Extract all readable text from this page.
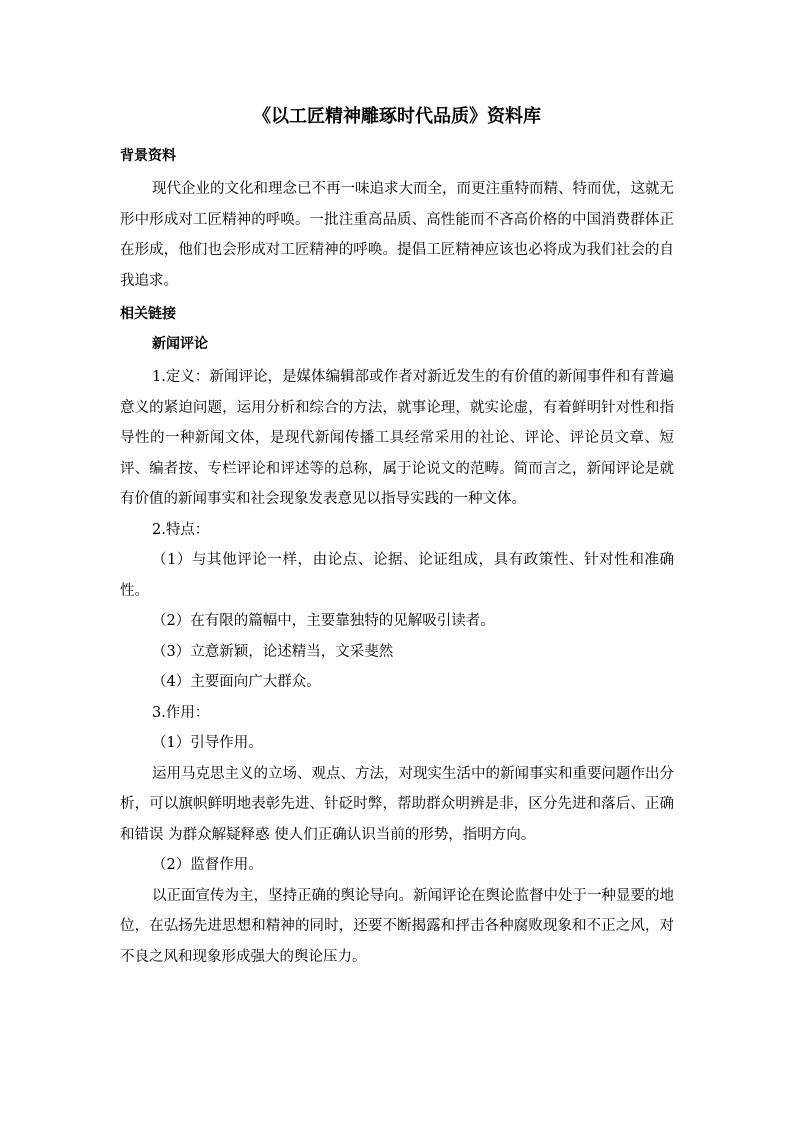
《以工匠精神雕琢时代品质》资料库
背景资料

现代企业的文化和理念已不再一味追求大而全，而更注重特而精、特而优，这就无形中形成对工匠精神的呼唤。一批注重高品质、高性能而不吝高价格的中国消费群体正在形成，他们也会形成对工匠精神的呼唤。提倡工匠精神应该也必将成为我们社会的自我追求。

相关链接
新闻评论

1.定义：新闻评论，是媒体编辑部或作者对新近发生的有价值的新闻事件和有普遍意义的紧迫问题，运用分析和综合的方法，就事论理，就实论虚，有着鲜明针对性和指导性的一种新闻文体，是现代新闻传播工具经常采用的社论、评论、评论员文章、短评、编者按、专栏评论和评述等的总称，属于论说文的范畴。简而言之，新闻评论是就有价值的新闻事实和社会现象发表意见以指导实践的一种文体。

2.特点：

（1）与其他评论一样，由论点、论据、论证组成，具有政策性、针对性和准确性。

（2）在有限的篇幅中，主要靠独特的见解吸引读者。

（3）立意新颖，论述精当，文采斐然

（4）主要面向广大群众。

3.作用：

（1）引导作用。

运用马克思主义的立场、观点、方法，对现实生活中的新闻事实和重要问题作出分析，可以旗帜鲜明地表彰先进、针砭时弊，帮助群众明辨是非，区分先进和落后、正确和错误 为群众解疑释惑 使人们正确认识当前的形势，指明方向。

（2）监督作用。

以正面宣传为主，坚持正确的舆论导向。新闻评论在舆论监督中处于一种显要的地位，在弘扬先进思想和精神的同时，还要不断揭露和抨击各种腐败现象和不正之风，对不良之风和现象形成强大的舆论压力。
